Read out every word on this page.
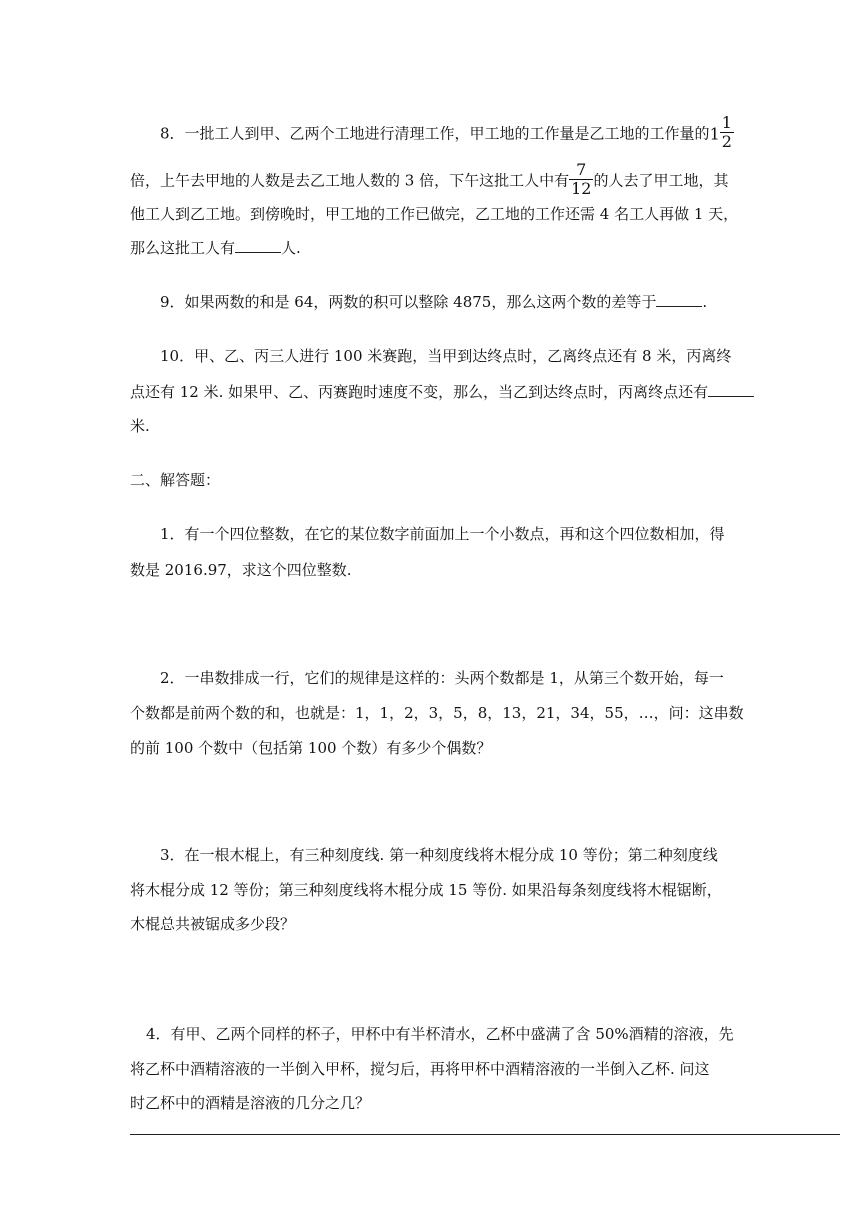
8．一批工人到甲、乙两个工地进行清理工作，甲工地的工作量是乙工地的工作量的$1 \frac{1}{2}$
倍，上午去甲地的人数是去乙工地人数的 3 倍，下午这批工人中有 $\frac{7}{12}$ 的人去了甲工地，其
他工人到乙工地。到傍晚时，甲工地的工作已做完，乙工地的工作还需 4 名工人再做 1 天，
那么这批工人有	人.
9．如果两数的和是 64，两数的积可以整除 4875，那么这两个数的差等于	.
10．甲、乙、丙三人进行 100 米赛跑，当甲到达终点时，乙离终点还有 8 米，丙离终
点还有 12 米. 如果甲、乙、丙赛跑时速度不变，那么，当乙到达终点时，丙离终点还有
米.
二、解答题：
1．有一个四位整数，在它的某位数字前面加上一个小数点，再和这个四位数相加，得
数是 2016.97，求这个四位整数.
2．一串数排成一行，它们的规律是这样的：头两个数都是 1，从第三个数开始，每一
个数都是前两个数的和，也就是：1，1，2，3，5，8，13，21，34，55，…，问：这串数
的前 100 个数中（包括第 100 个数）有多少个偶数？
3．在一根木棍上，有三种刻度线. 第一种刻度线将木棍分成 10 等份；第二种刻度线
将木棍分成 12 等份；第三种刻度线将木棍分成 15 等份. 如果沿每条刻度线将木棍锯断，
木棍总共被锯成多少段？
4．有甲、乙两个同样的杯子，甲杯中有半杯清水，乙杯中盛满了含 50%酒精的溶液，先
将乙杯中酒精溶液的一半倒入甲杯，搅匀后，再将甲杯中酒精溶液的一半倒入乙杯. 问这
时乙杯中的酒精是溶液的几分之几？
